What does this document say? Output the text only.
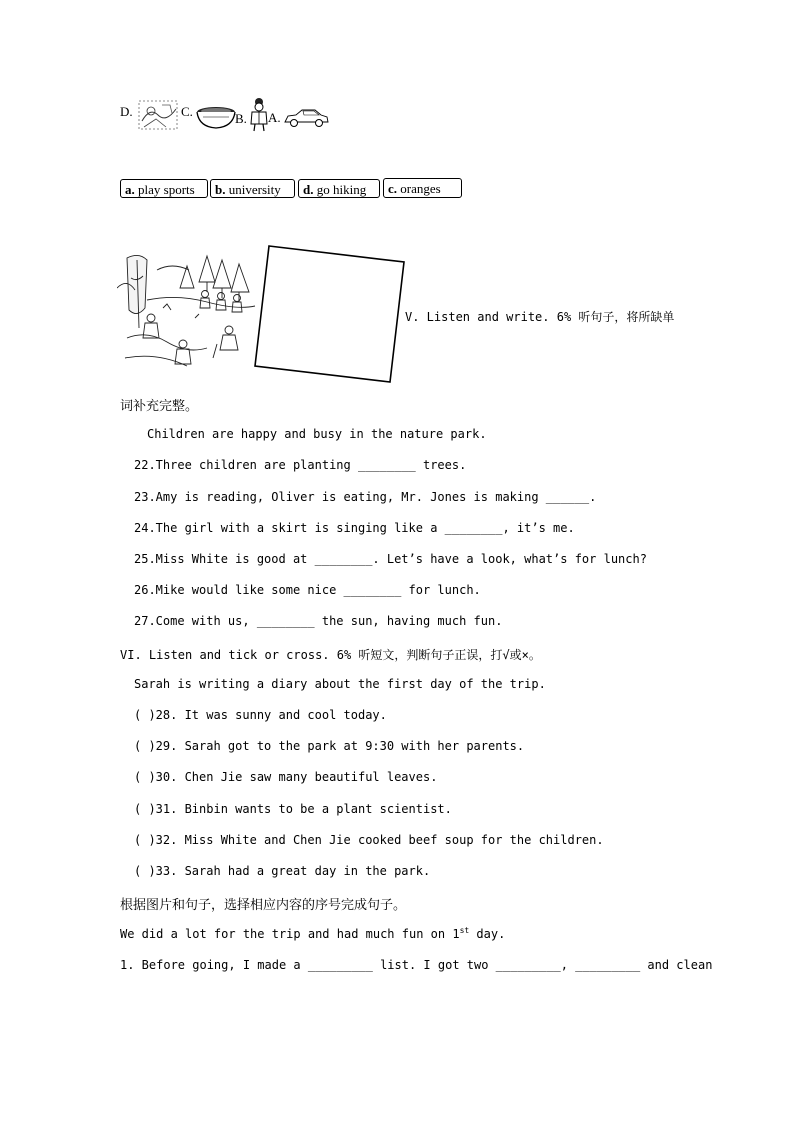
D.	C.	B. A.
a. play sports	b. university	d. go hiking	c. oranges
V. Listen and write. 6% 听句子，将所缺单
词补充完整。
Children are happy and busy in the nature park.
22.Three children are planting ________ trees.
23.Amy is reading, Oliver is eating, Mr. Jones is making ______.
24.The girl with a skirt is singing like a ________, it’s me.
25.Miss White is good at ________. Let’s have a look, what’s for lunch?
26.Mike would like some nice ________ for lunch.
27.Come with us, ________ the sun, having much fun.
VI. Listen and tick or cross. 6% 听短文，判断句子正误，打√或×。
Sarah is writing a diary about the first day of the trip.
( )28. It was sunny and cool today.
( )29. Sarah got to the park at 9:30 with her parents.
( )30. Chen Jie saw many beautiful leaves.
( )31. Binbin wants to be a plant scientist.
( )32. Miss White and Chen Jie cooked beef soup for the children.
( )33. Sarah had a great day in the park.
根据图片和句子，选择相应内容的序号完成句子。
We did a lot for the trip and had much fun on 1st day.
1. Before going, I made a _________ list. I got two _________, _________ and clean
